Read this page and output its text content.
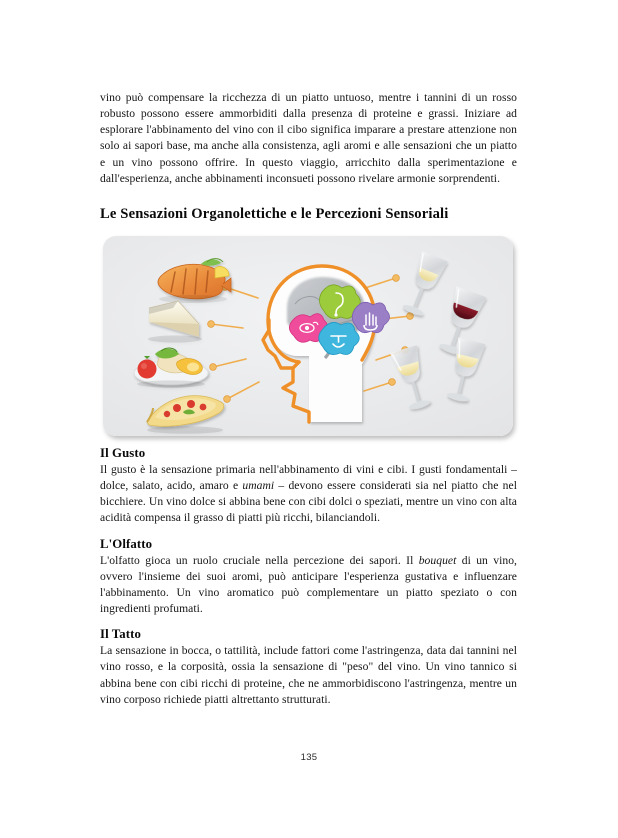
vino può compensare la ricchezza di un piatto untuoso, mentre i tannini di un rosso robusto possono essere ammorbiditi dalla presenza di proteine e grassi. Iniziare ad esplorare l'abbinamento del vino con il cibo significa imparare a prestare attenzione non solo ai sapori base, ma anche alla consistenza, agli aromi e alle sensazioni che un piatto e un vino possono offrire. In questo viaggio, arricchito dalla sperimentazione e dall'esperienza, anche abbinamenti inconsueti possono rivelare armonie sorprendenti.

Le Sensazioni Organolettiche e le Percezioni Sensoriali
Il Gusto

Il gusto è la sensazione primaria nell'abbinamento di vini e cibi. I gusti fondamentali – dolce, salato, acido, amaro e umami – devono essere considerati sia nel piatto che nel bicchiere. Un vino dolce si abbina bene con cibi dolci o speziati, mentre un vino con alta acidità compensa il grasso di piatti più ricchi, bilanciandoli.

L'Olfatto

L'olfatto gioca un ruolo cruciale nella percezione dei sapori. Il bouquet di un vino, ovvero l'insieme dei suoi aromi, può anticipare l'esperienza gustativa e influenzare l'abbinamento. Un vino aromatico può complementare un piatto speziato o con ingredienti profumati.

Il Tatto

La sensazione in bocca, o tattilità, include fattori come l'astringenza, data dai tannini nel vino rosso, e la corposità, ossia la sensazione di "peso" del vino. Un vino tannico si abbina bene con cibi ricchi di proteine, che ne ammorbidiscono l'astringenza, mentre un vino corposo richiede piatti altrettanto strutturati.

135
